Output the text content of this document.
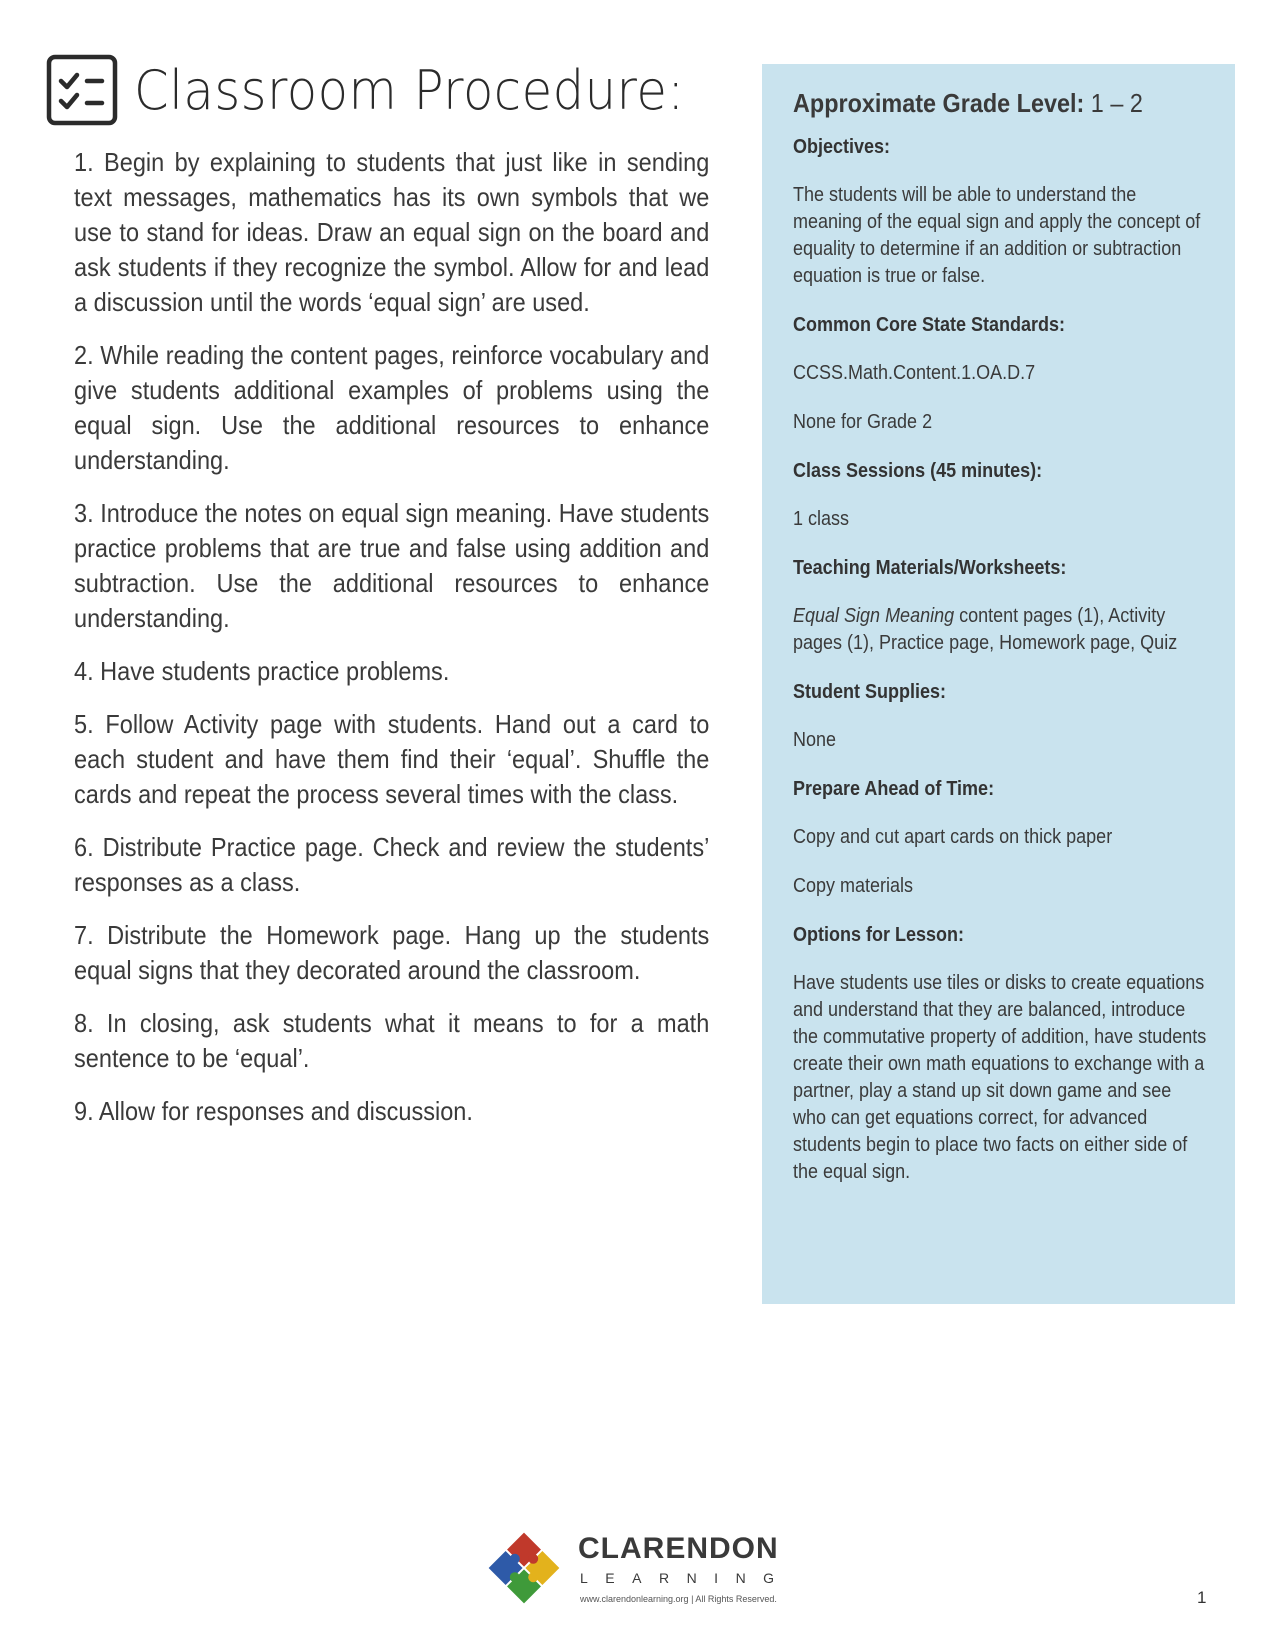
Classroom Procedure:

1. Begin by explaining to students that just like in sending text messages, mathematics has its own symbols that we use to stand for ideas. Draw an equal sign on the board and ask students if they recognize the symbol. Allow for and lead a discussion until the words ‘equal sign’ are used.

2. While reading the content pages, reinforce vocabulary and give students additional examples of problems using the equal sign. Use the additional resources to enhance understanding.

3. Introduce the notes on equal sign meaning. Have students practice problems that are true and false using addition and subtraction. Use the additional resources to enhance understanding.

4. Have students practice problems.

5. Follow Activity page with students. Hand out a card to each student and have them find their ‘equal’. Shuffle the cards and repeat the process several times with the class.

6. Distribute Practice page. Check and review the students’ responses as a class.

7. Distribute the Homework page. Hang up the students equal signs that they decorated around the classroom.

8. In closing, ask students what it means to for a math sentence to be ‘equal’.

9. Allow for responses and discussion.

Approximate Grade Level: 1 – 2
Objectives:
The students will be able to understand the meaning of the equal sign and apply the concept of equality to determine if an addition or subtraction equation is true or false.
Common Core State Standards:
CCSS.Math.Content.1.OA.D.7
None for Grade 2
Class Sessions (45 minutes):
1 class
Teaching Materials/Worksheets:
Equal Sign Meaning content pages (1), Activity pages (1), Practice page, Homework page, Quiz
Student Supplies:
None
Prepare Ahead of Time:
Copy and cut apart cards on thick paper
Copy materials
Options for Lesson:
Have students use tiles or disks to create equations and understand that they are balanced, introduce the commutative property of addition, have students create their own math equations to exchange with a partner, play a stand up sit down game and see who can get equations correct, for advanced students begin to place two facts on either side of the equal sign.
CLARENDON
LEARNING
www.clarendonlearning.org | All Rights Reserved.	1
